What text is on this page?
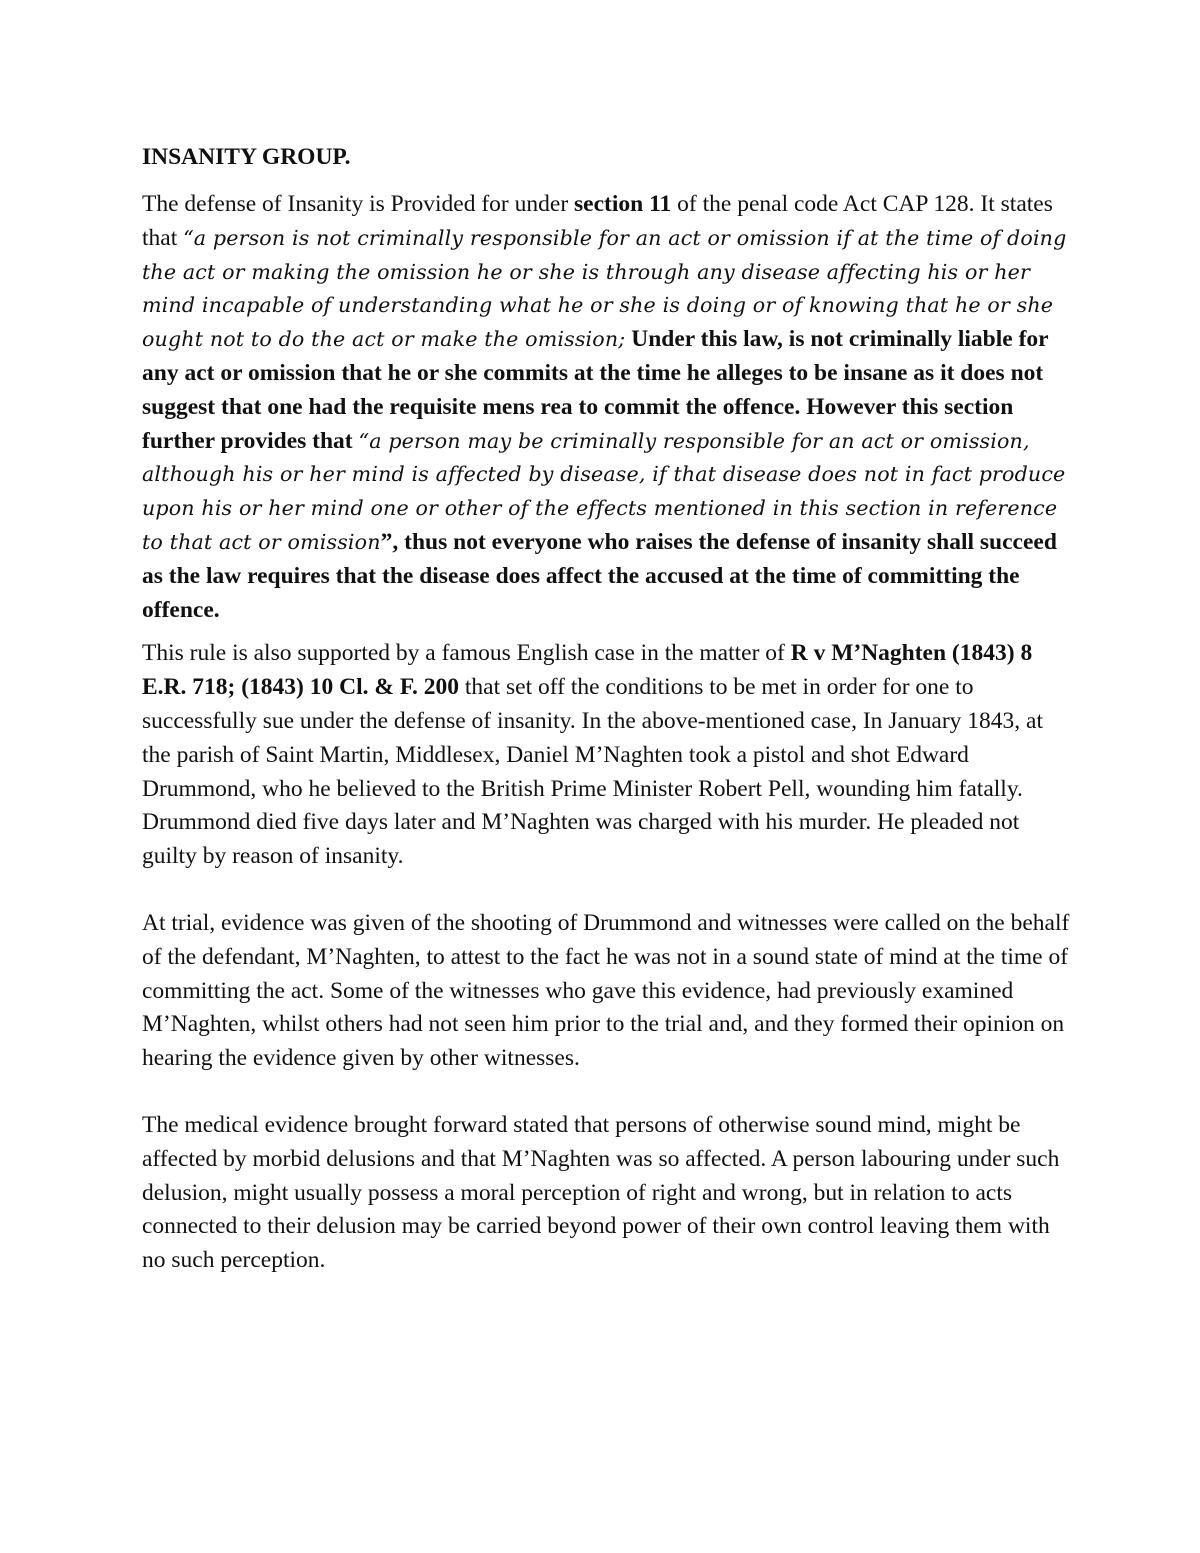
INSANITY GROUP.

The defense of Insanity is Provided for under section 11 of the penal code Act CAP 128. It states that “a person is not criminally responsible for an act or omission if at the time of doing the act or making the omission he or she is through any disease affecting his or her mind incapable of understanding what he or she is doing or of knowing that he or she ought not to do the act or make the omission; Under this law, is not criminally liable for any act or omission that he or she commits at the time he alleges to be insane as it does not suggest that one had the requisite mens rea to commit the offence. However this section further provides that “a person may be criminally responsible for an act or omission, although his or her mind is affected by disease, if that disease does not in fact produce upon his or her mind one or other of the effects mentioned in this section in reference to that act or omission”, thus not everyone who raises the defense of insanity shall succeed as the law requires that the disease does affect the accused at the time of committing the offence.

This rule is also supported by a famous English case in the matter of R v M’Naghten (1843) 8 E.R. 718; (1843) 10 Cl. & F. 200 that set off the conditions to be met in order for one to successfully sue under the defense of insanity. In the above-mentioned case, In January 1843, at the parish of Saint Martin, Middlesex, Daniel M’Naghten took a pistol and shot Edward Drummond, who he believed to the British Prime Minister Robert Pell, wounding him fatally. Drummond died five days later and M’Naghten was charged with his murder. He pleaded not guilty by reason of insanity.

At trial, evidence was given of the shooting of Drummond and witnesses were called on the behalf of the defendant, M’Naghten, to attest to the fact he was not in a sound state of mind at the time of committing the act. Some of the witnesses who gave this evidence, had previously examined M’Naghten, whilst others had not seen him prior to the trial and, and they formed their opinion on hearing the evidence given by other witnesses.

The medical evidence brought forward stated that persons of otherwise sound mind, might be affected by morbid delusions and that M’Naghten was so affected. A person labouring under such delusion, might usually possess a moral perception of right and wrong, but in relation to acts connected to their delusion may be carried beyond power of their own control leaving them with no such perception.
